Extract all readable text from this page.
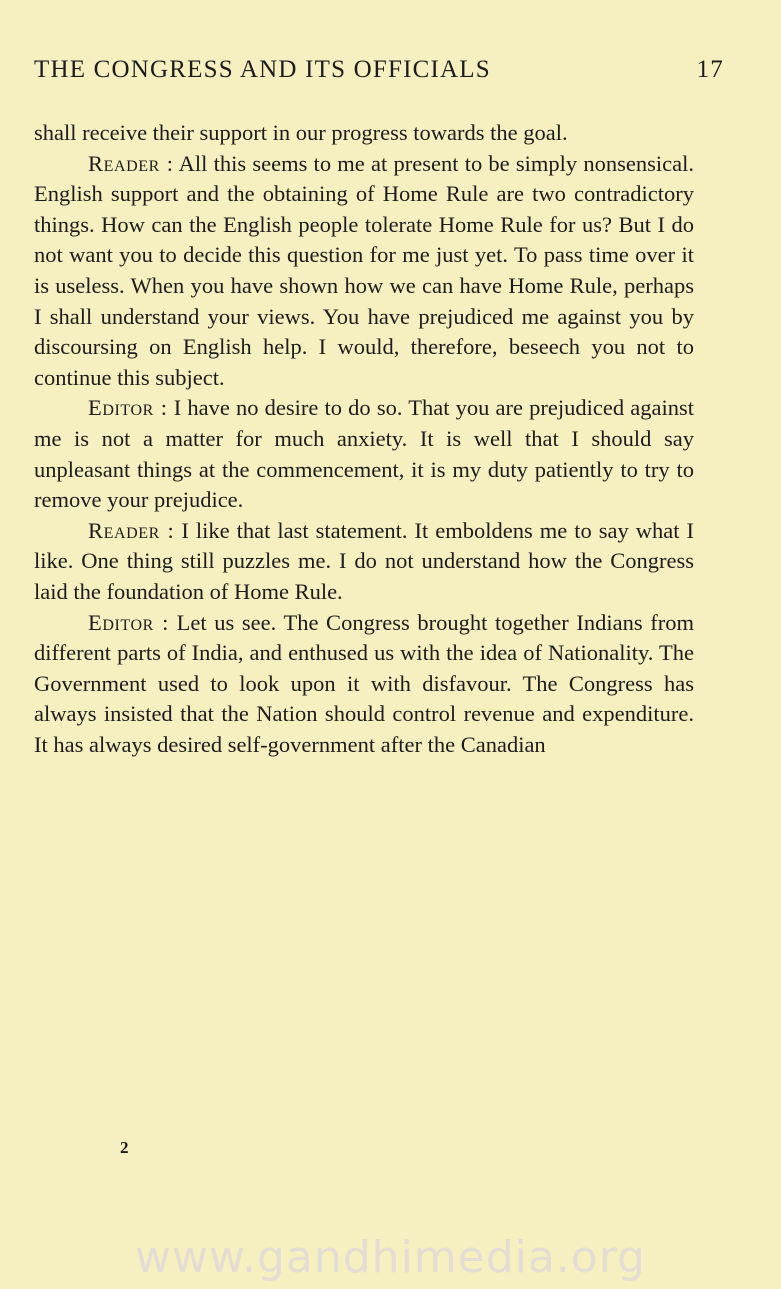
THE CONGRESS AND ITS OFFICIALS	17

shall receive their support in our progress towards the goal.

Reader : All this seems to me at present to be simply nonsensical. English support and the obtaining of Home Rule are two contradictory things. How can the English people tolerate Home Rule for us? But I do not want you to decide this question for me just yet. To pass time over it is useless. When you have shown how we can have Home Rule, perhaps I shall understand your views. You have prejudiced me against you by discoursing on English help. I would, therefore, beseech you not to continue this subject.

Editor : I have no desire to do so. That you are prejudiced against me is not a matter for much anxiety. It is well that I should say unpleasant things at the commencement, it is my duty patiently to try to remove your prejudice.

Reader : I like that last statement. It emboldens me to say what I like. One thing still puzzles me. I do not understand how the Congress laid the foundation of Home Rule.

Editor : Let us see. The Congress brought together Indians from different parts of India, and enthused us with the idea of Nationality. The Government used to look upon it with disfavour. The Congress has always insisted that the Nation should control revenue and expenditure. It has always desired self-government after the Canadian

2
www.gandhimedia.org
